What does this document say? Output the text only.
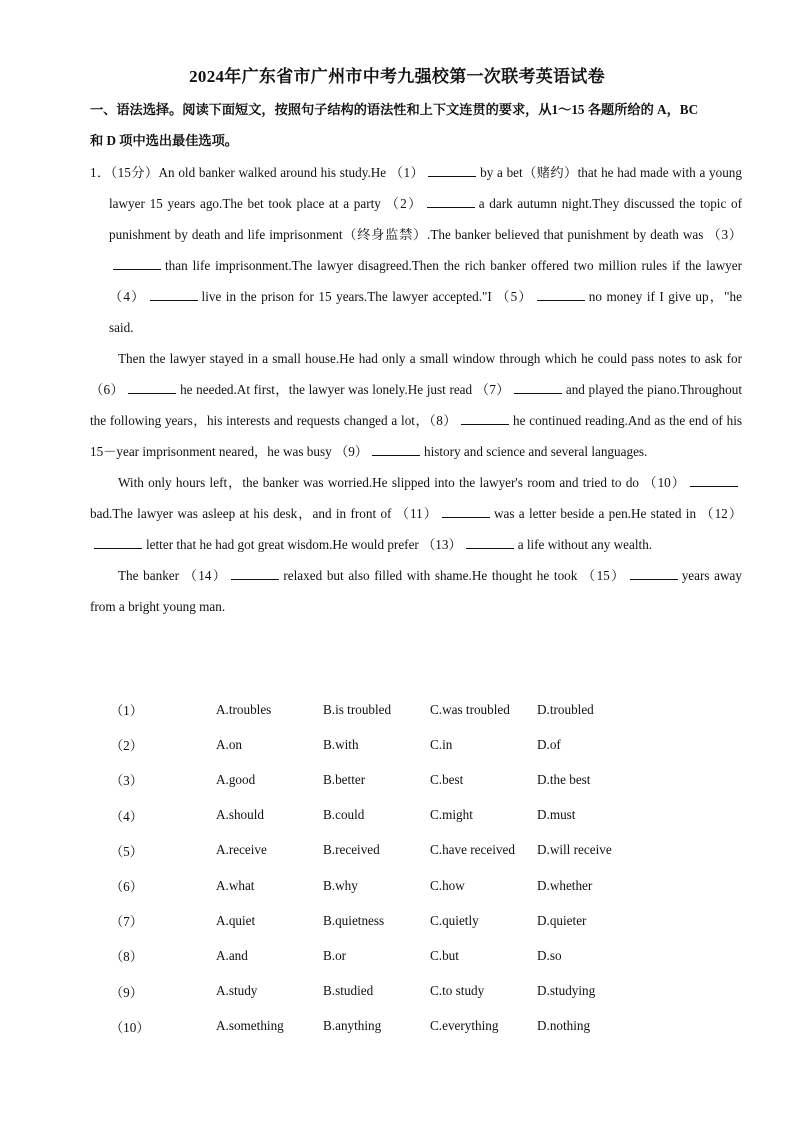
2024年广东省市广州市中考九强校第一次联考英语试卷
一、语法选择。阅读下面短文，按照句子结构的语法性和上下文连贯的要求，从1～15 各题所给的 A，BC
和 D 项中选出最佳选项。
1．（15分）An old banker walked around his study.He （1）	by a bet（赌约）that he had made with a young lawyer 15 years ago.The bet took place at a party （2）	a dark autumn night.They discussed the topic of punishment by death and life imprisonment（终身监禁）.The banker believed that punishment by death was （3）than life imprisonment.The lawyer disagreed.Then the rich banker offered two million rules if the lawyer （4）	live in the prison for 15 years.The lawyer accepted."I （5）	no money if I give up，"he said.
Then the lawyer stayed in a small house.He had only a small window through which he could pass notes to ask for （6）	he needed.At first，the lawyer was lonely.He just read （7）	and played the piano.Throughout the following years，his interests and requests changed a lot，（8）	he continued reading.And as the end of his 15－year imprisonment neared，he was busy （9）	history and science and several languages.
With only hours left，the banker was worried.He slipped into the lawyer's room and tried to do （10）bad.The lawyer was asleep at his desk，and in front of （11）	was a letter beside a pen.He stated in （12）letter that he had got great wisdom.He would prefer （13）	a life without any wealth.
The banker （14）	relaxed but also filled with shame.He thought he took （15）	years away from a bright young man.
（1）	A.troubles	B.is troubled	C.was troubled	D.troubled
（2）	A.on	B.with	C.in	D.of
（3）	A.good	B.better	C.best	D.the best
（4）	A.should	B.could	C.might	D.must
（5）	A.receive	B.received	C.have received	D.will receive
（6）	A.what	B.why	C.how	D.whether
（7）	A.quiet	B.quietness	C.quietly	D.quieter
（8）	A.and	B.or	C.but	D.so
（9）	A.study	B.studied	C.to study	D.studying
（10）	A.something	B.anything	C.everything	D.nothing
